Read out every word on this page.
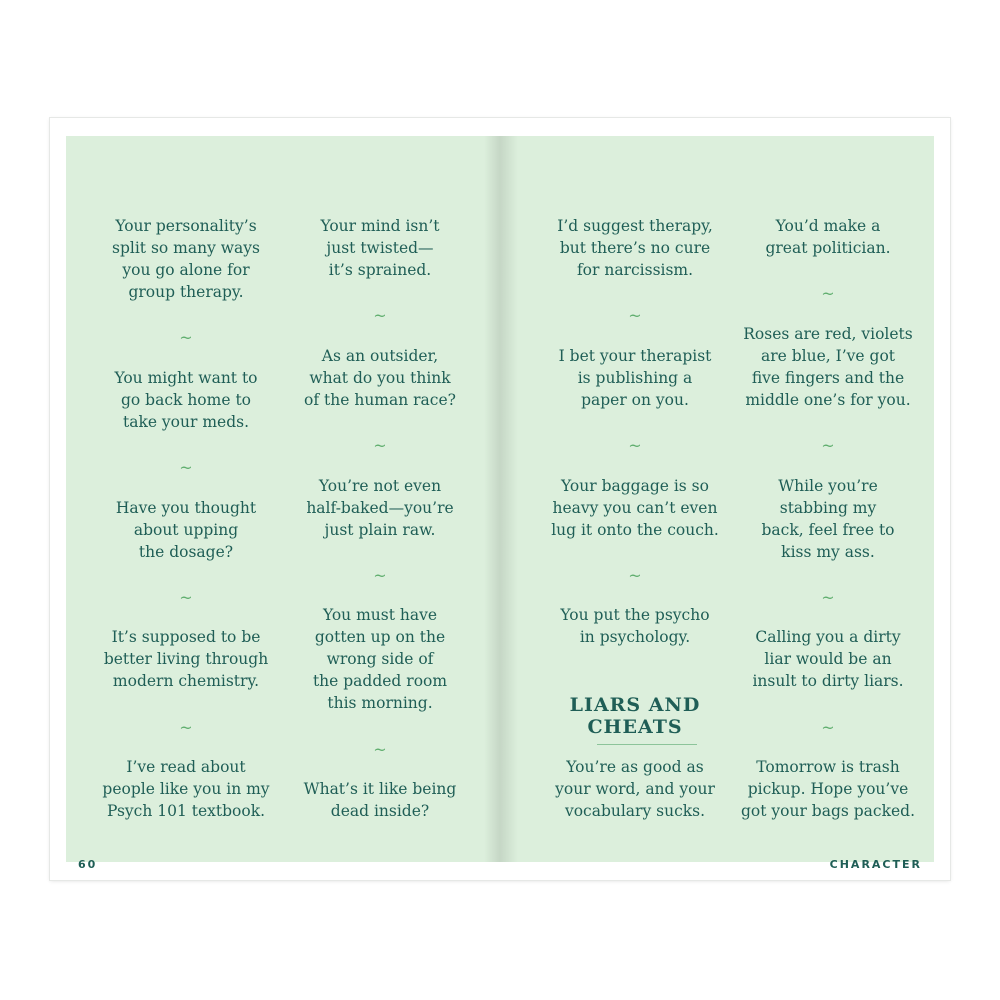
Your personality’s
split so many ways
you go alone for
group therapy.
~
You might want to
go back home to
take your meds.
~
Have you thought
about upping
the dosage?
~
It’s supposed to be
better living through
modern chemistry.
~
I’ve read about
people like you in my
Psych 101 textbook.
Your mind isn’t
just twisted—
it’s sprained.
~
As an outsider,
what do you think
of the human race?
~
You’re not even
half-baked—you’re
just plain raw.
~
You must have
gotten up on the
wrong side of
the padded room
this morning.
~
What’s it like being
dead inside?
60
I’d suggest therapy,
but there’s no cure
for narcissism.
~
I bet your therapist
is publishing a
paper on you.
~
Your baggage is so
heavy you can’t even
lug it onto the couch.
~
You put the psycho
in psychology.
LIARS AND
CHEATS
You’re as good as
your word, and your
vocabulary sucks.
You’d make a
great politician.
~
Roses are red, violets
are blue, I’ve got
five fingers and the
middle one’s for you.
~
While you’re
stabbing my
back, feel free to
kiss my ass.
~
Calling you a dirty
liar would be an
insult to dirty liars.
~
Tomorrow is trash
pickup. Hope you’ve
got your bags packed.
CHARACTER
